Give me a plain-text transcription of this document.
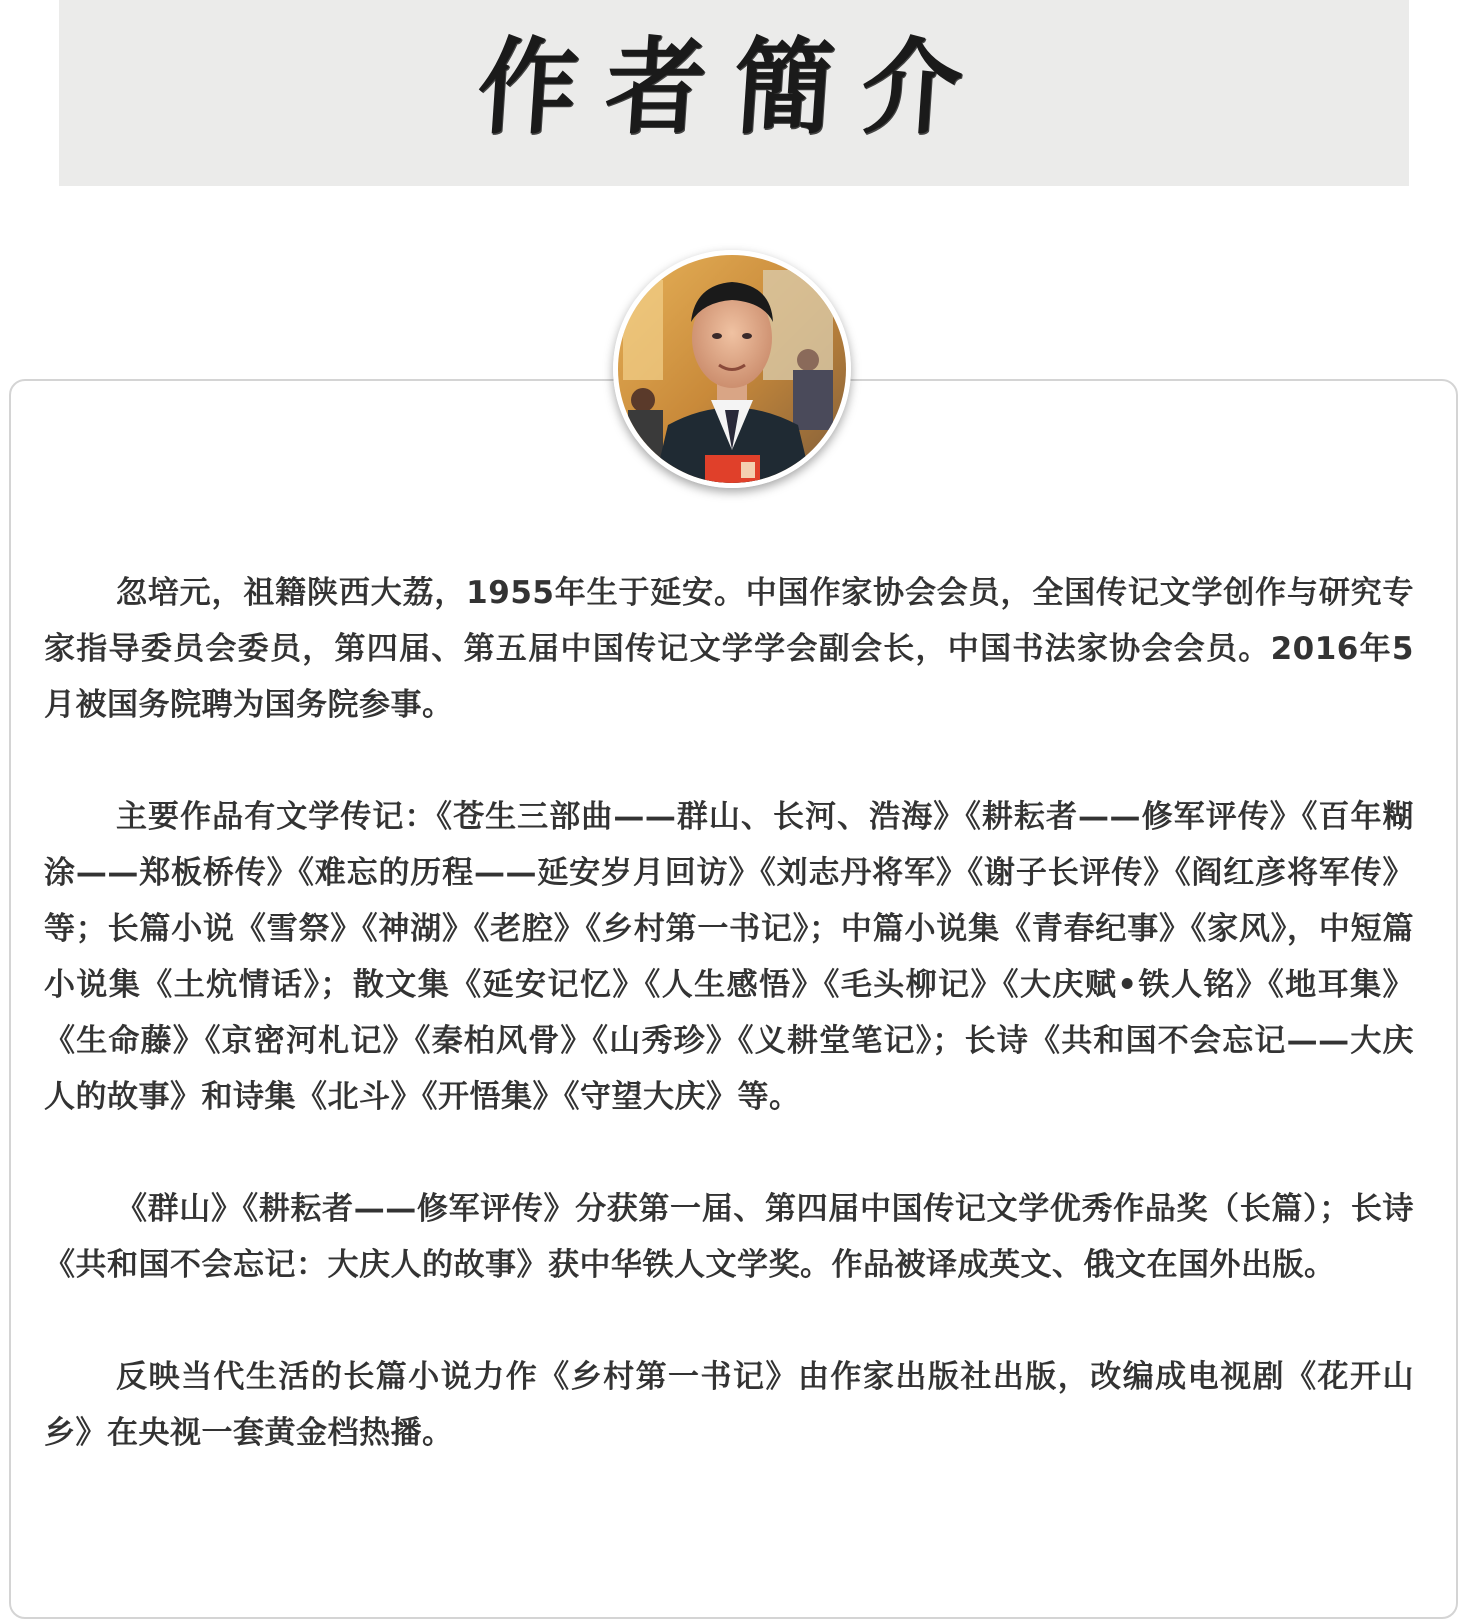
作者簡介

忽培元，祖籍陕西大荔，1955年生于延安。中国作家协会会员，全国传记文学创作与研究专家指导委员会委员，第四届、第五届中国传记文学学会副会长，中国书法家协会会员。2016年5月被国务院聘为国务院参事。

主要作品有文学传记：《苍生三部曲——群山、长河、浩海》《耕耘者——修军评传》《百年糊涂——郑板桥传》《难忘的历程——延安岁月回访》《刘志丹将军》《谢子长评传》《阎红彦将军传》等；长篇小说《雪祭》《神湖》《老腔》《乡村第一书记》；中篇小说集《青春纪事》《家风》，中短篇小说集《土炕情话》；散文集《延安记忆》《人生感悟》《毛头柳记》《大庆赋•铁人铭》《地耳集》《生命藤》《京密河札记》《秦柏风骨》《山秀珍》《义耕堂笔记》；长诗《共和国不会忘记——大庆人的故事》和诗集《北斗》《开悟集》《守望大庆》等。

《群山》《耕耘者——修军评传》分获第一届、第四届中国传记文学优秀作品奖（长篇）；长诗《共和国不会忘记：大庆人的故事》获中华铁人文学奖。作品被译成英文、俄文在国外出版。

反映当代生活的长篇小说力作《乡村第一书记》由作家出版社出版，改编成电视剧《花开山乡》在央视一套黄金档热播。
